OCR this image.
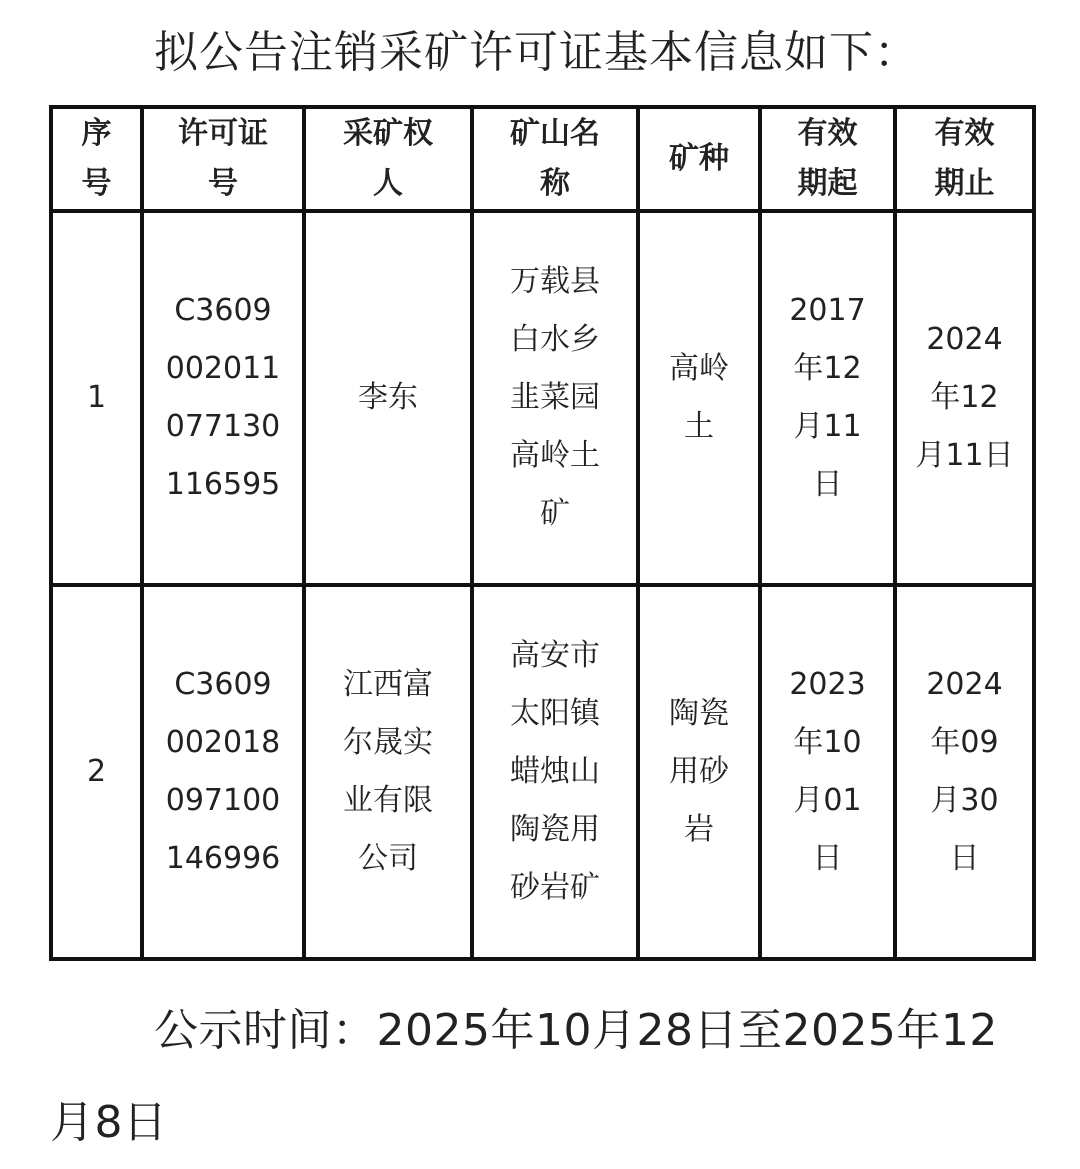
拟公告注销采矿许可证基本信息如下：
序
号	许可证
号	采矿权
人	矿山名
称	矿种	有效
期起	有效
期止
1	C3609
002011
077130
116595	李东	万载县
白水乡
韭菜园
高岭土
矿	高岭
土	2017
年12
月11
日	2024
年12
月11日
2	C3609
002018
097100
146996	江西富
尔晟实
业有限
公司	高安市
太阳镇
蜡烛山
陶瓷用
砂岩矿	陶瓷
用砂
岩	2023
年10
月01
日	2024
年09
月30
日
公示时间：2025年10月28日至2025年12月8日
